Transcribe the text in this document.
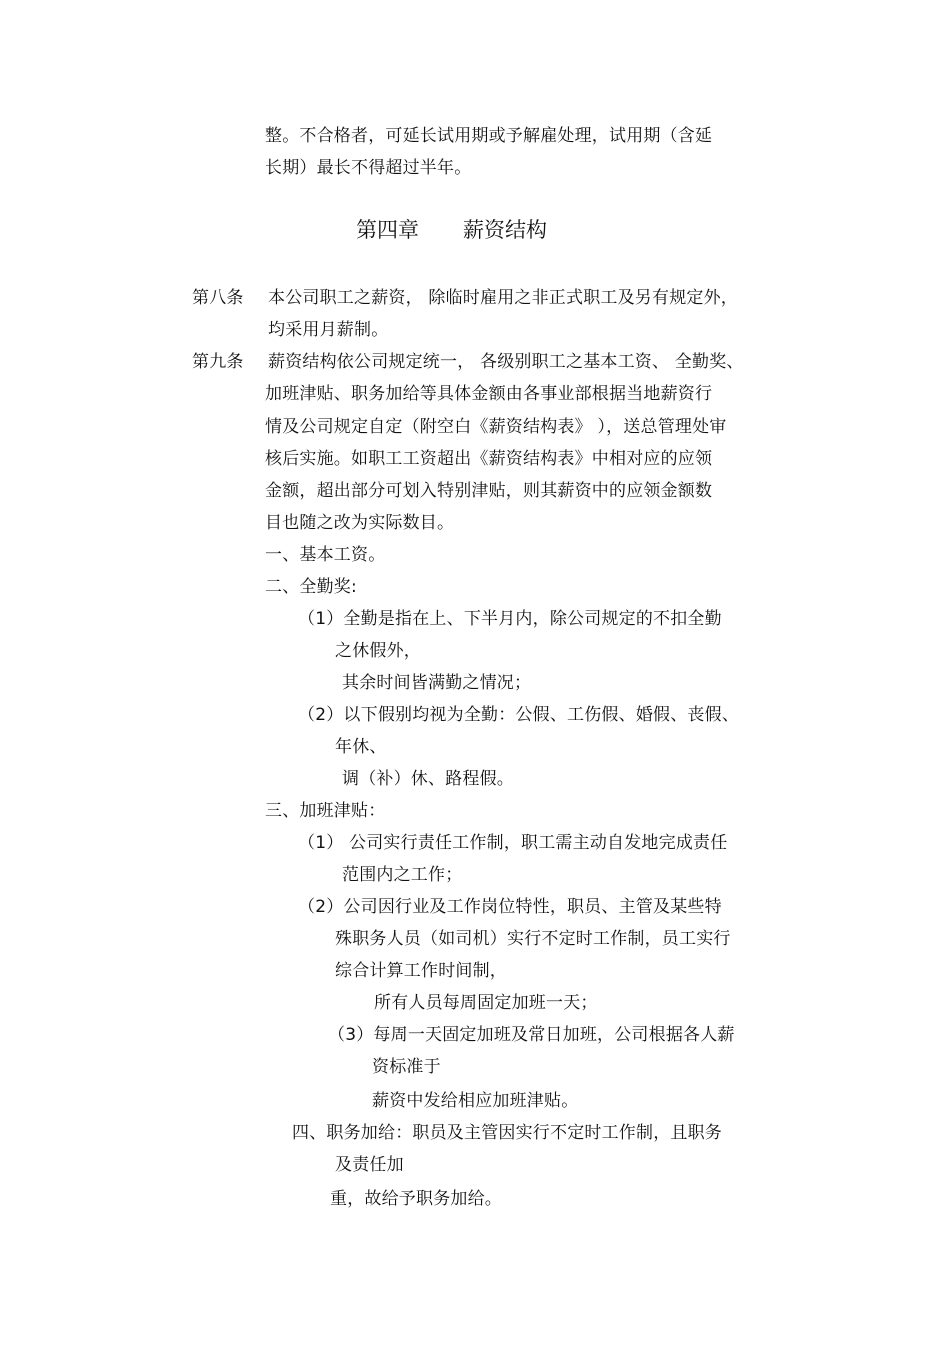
整。不合格者，可延长试用期或予解雇处理，试用期（含延
长期）最长不得超过半年。
第四章 薪资结构
第八条 本公司职工之薪资， 除临时雇用之非正式职工及另有规定外，
均采用月薪制。
第九条 薪资结构依公司规定统一， 各级别职工之基本工资、 全勤奖、
加班津贴、职务加给等具体金额由各事业部根据当地薪资行
情及公司规定自定（附空白《薪资结构表》 ），送总管理处审
核后实施。如职工工资超出《薪资结构表》中相对应的应领
金额，超出部分可划入特别津贴，则其薪资中的应领金额数
目也随之改为实际数目。
一、基本工资。
二、全勤奖:
（1）全勤是指在上、下半月内，除公司规定的不扣全勤
之休假外，
其余时间皆满勤之情况；
（2）以下假别均视为全勤：公假、工伤假、婚假、丧假、
年休、
调（补）休、路程假。
三、加班津贴：
（1） 公司实行责任工作制，职工需主动自发地完成责任
范围内之工作；
（2）公司因行业及工作岗位特性，职员、主管及某些特
殊职务人员（如司机）实行不定时工作制，员工实行
综合计算工作时间制，
所有人员每周固定加班一天；
（3）每周一天固定加班及常日加班，公司根据各人薪
资标准于
薪资中发给相应加班津贴。
四、职务加给：职员及主管因实行不定时工作制，且职务
及责任加
重，故给予职务加给。
